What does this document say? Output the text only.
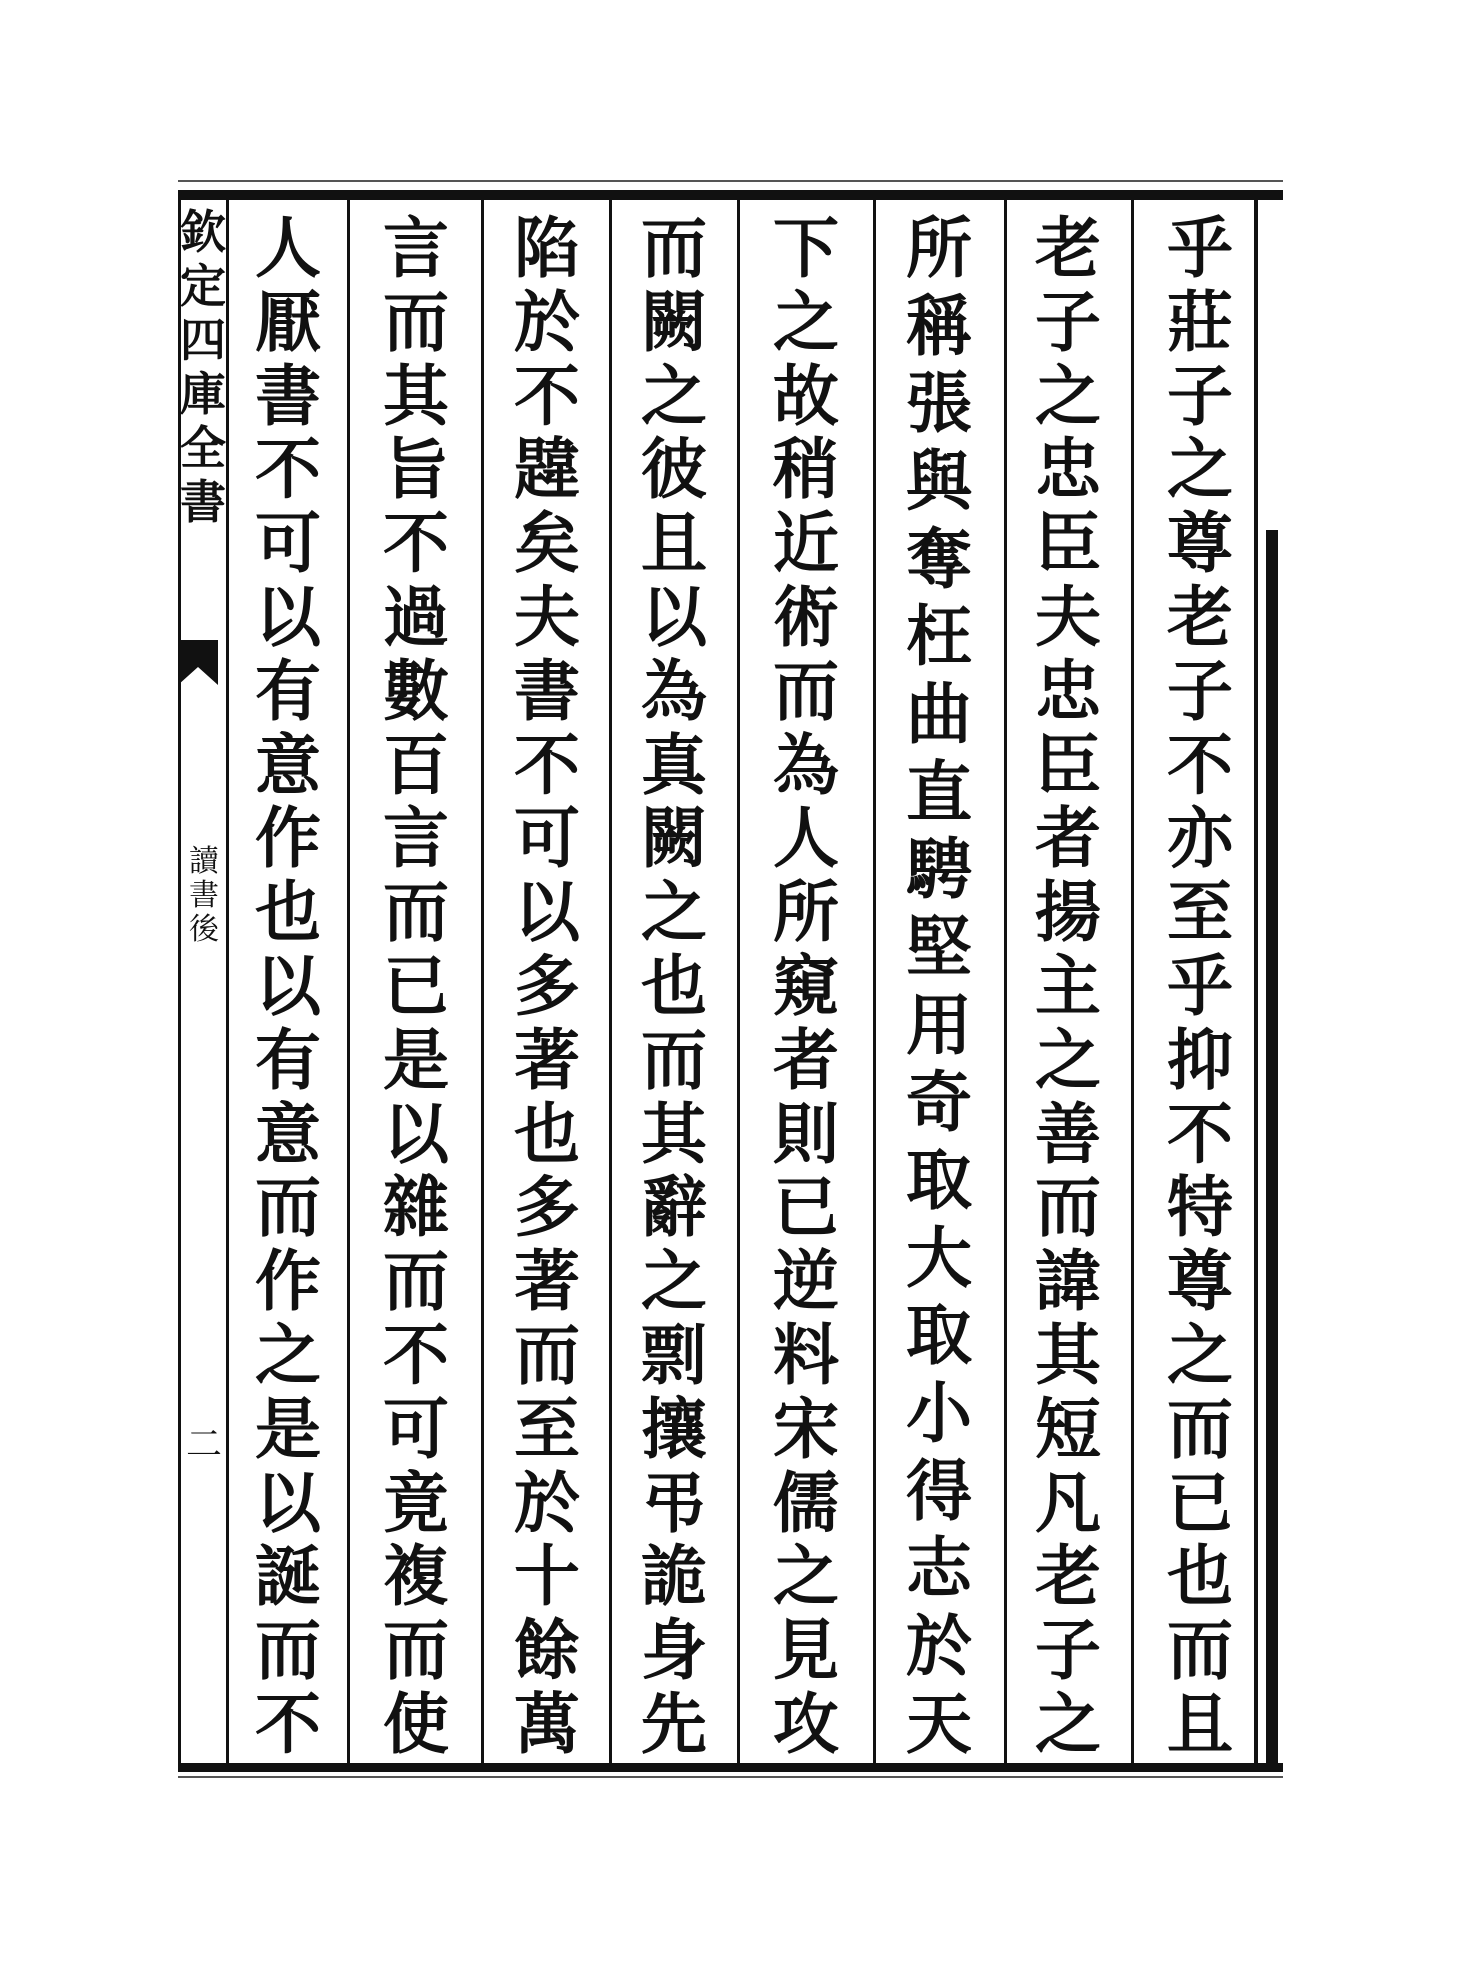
欽
定
四
庫
全
書
讀
書
後
二
乎
莊
子
之
尊
老
子
不
亦
至
乎
抑
不
特
尊
之
而
已
也
而
且
老
子
之
忠
臣
夫
忠
臣
者
揚
主
之
善
而
諱
其
短
凡
老
子
之
所
稱
張
與
奪
枉
曲
直
騁
堅
用
奇
取
大
取
小
得
志
於
天
下
之
故
稍
近
術
而
為
人
所
窺
者
則
已
逆
料
宋
儒
之
見
攻
而
闕
之
彼
且
以
為
真
闕
之
也
而
其
辭
之
剽
攘
弔
詭
身
先
陷
於
不
韙
矣
夫
書
不
可
以
多
著
也
多
著
而
至
於
十
餘
萬
言
而
其
旨
不
過
數
百
言
而
已
是
以
雜
而
不
可
竟
複
而
使
人
厭
書
不
可
以
有
意
作
也
以
有
意
而
作
之
是
以
誕
而
不
